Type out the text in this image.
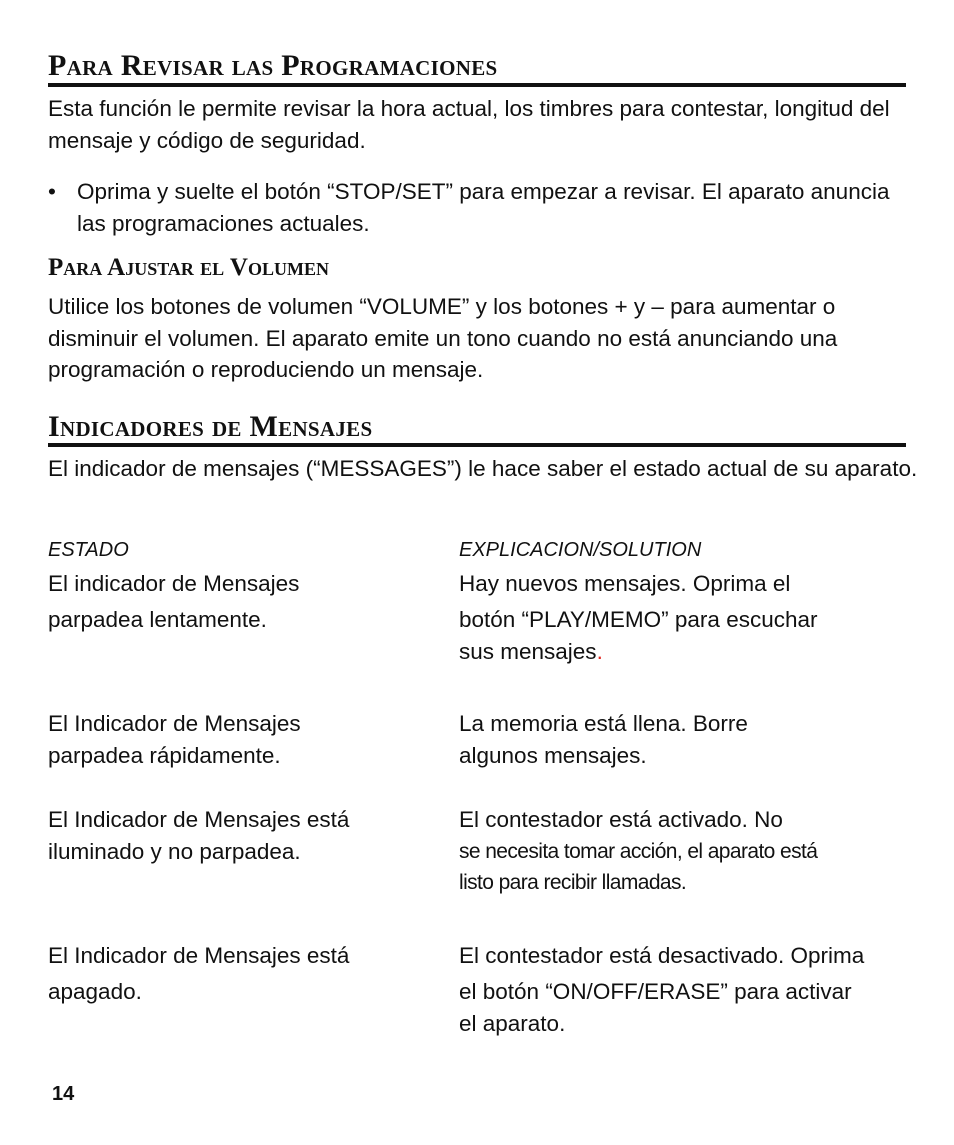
Para Revisar las Programaciones
Esta función le permite revisar la hora actual, los timbres para contestar, longitud del mensaje y código de seguridad.
• Oprima y suelte el botón “STOP/SET” para empezar a revisar. El aparato anuncia las programaciones actuales.
Para Ajustar el Volumen
Utilice los botones de volumen “VOLUME” y los botones + y – para aumentar o disminuir el volumen. El aparato emite un tono cuando no está anunciando una programación o reproduciendo un mensaje.
Indicadores de Mensajes
El indicador de mensajes (“MESSAGES”) le hace saber el estado actual de su aparato.
ESTADO	EXPLICACION/SOLUTION
El indicador de Mensajes
parpadea lentamente.
Hay nuevos mensajes. Oprima el
botón “PLAY/MEMO” para escuchar
sus mensajes.
El Indicador de Mensajes
parpadea rápidamente.
La memoria está llena. Borre
algunos mensajes.
El Indicador de Mensajes está
iluminado y no parpadea.
El contestador está activado. No
se necesita tomar acción, el aparato está
listo para recibir llamadas.
El Indicador de Mensajes está
apagado.
El contestador está desactivado. Oprima
el botón “ON/OFF/ERASE” para activar
el aparato.
14
